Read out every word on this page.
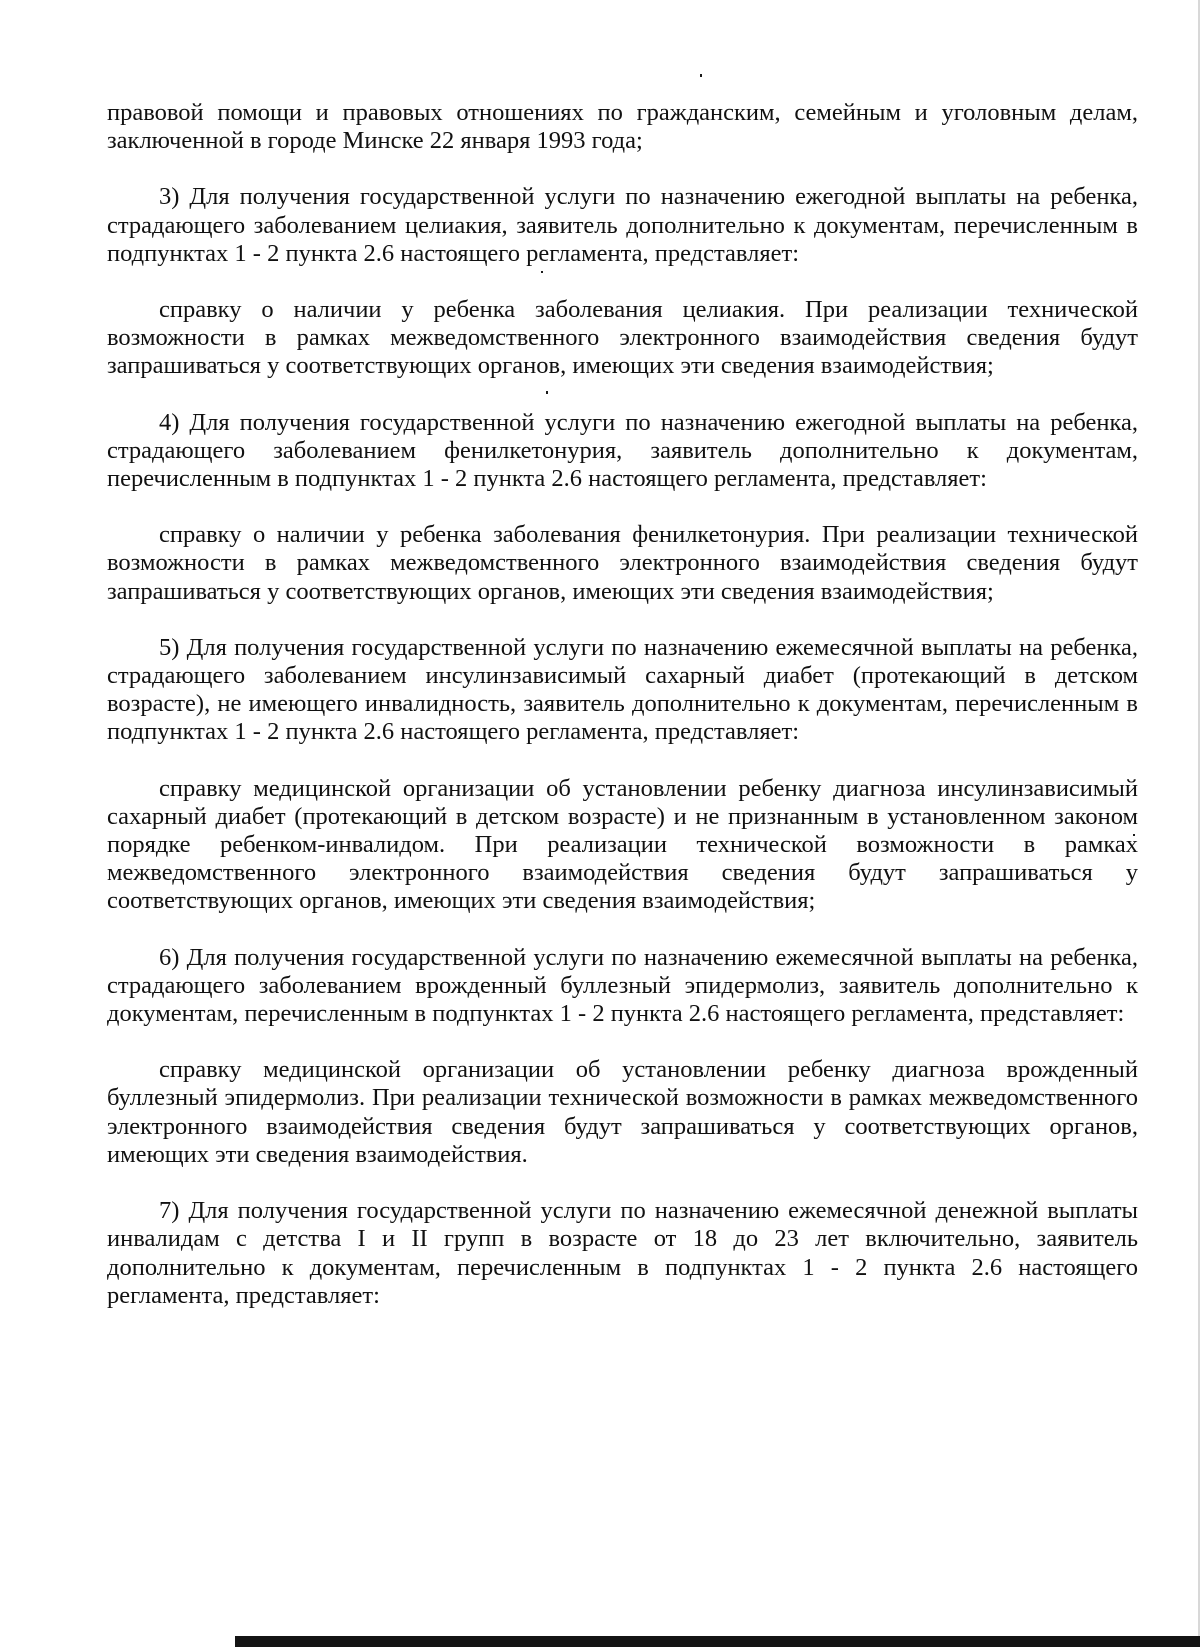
правовой помощи и правовых отношениях по гражданским, семейным и уголовным делам, заключенной в городе Минске 22 января 1993 года;

3) Для получения государственной услуги по назначению ежегодной выплаты на ребенка, страдающего заболеванием целиакия, заявитель дополнительно к документам, перечисленным в подпунктах 1 - 2 пункта 2.6 настоящего регламента, представляет:

справку о наличии у ребенка заболевания целиакия. При реализации технической возможности в рамках межведомственного электронного взаимодействия сведения будут запрашиваться у соответствующих органов, имеющих эти сведения взаимодействия;

4) Для получения государственной услуги по назначению ежегодной выплаты на ребенка, страдающего заболеванием фенилкетонурия, заявитель дополнительно к документам, перечисленным в подпунктах 1 - 2 пункта 2.6 настоящего регламента, представляет:

справку о наличии у ребенка заболевания фенилкетонурия. При реализации технической возможности в рамках межведомственного электронного взаимодействия сведения будут запрашиваться у соответствующих органов, имеющих эти сведения взаимодействия;

5) Для получения государственной услуги по назначению ежемесячной выплаты на ребенка, страдающего заболеванием инсулинзависимый сахарный диабет (протекающий в детском возрасте), не имеющего инвалидность, заявитель дополнительно к документам, перечисленным в подпунктах 1 - 2 пункта 2.6 настоящего регламента, представляет:

справку медицинской организации об установлении ребенку диагноза инсулинзависимый сахарный диабет (протекающий в детском возрасте) и не признанным в установленном законом порядке ребенком-инвалидом. При реализации технической возможности в рамках межведомственного электронного взаимодействия сведения будут запрашиваться у соответствующих органов, имеющих эти сведения взаимодействия;

6) Для получения государственной услуги по назначению ежемесячной выплаты на ребенка, страдающего заболеванием врожденный буллезный эпидермолиз, заявитель дополнительно к документам, перечисленным в подпунктах 1 - 2 пункта 2.6 настоящего регламента, представляет:

справку медицинской организации об установлении ребенку диагноза врожденный буллезный эпидермолиз. При реализации технической возможности в рамках межведомственного электронного взаимодействия сведения будут запрашиваться у соответствующих органов, имеющих эти сведения взаимодействия.

7) Для получения государственной услуги по назначению ежемесячной денежной выплаты инвалидам с детства I и II групп в возрасте от 18 до 23 лет включительно, заявитель дополнительно к документам, перечисленным в подпунктах 1 - 2 пункта 2.6 настоящего регламента, представляет:
